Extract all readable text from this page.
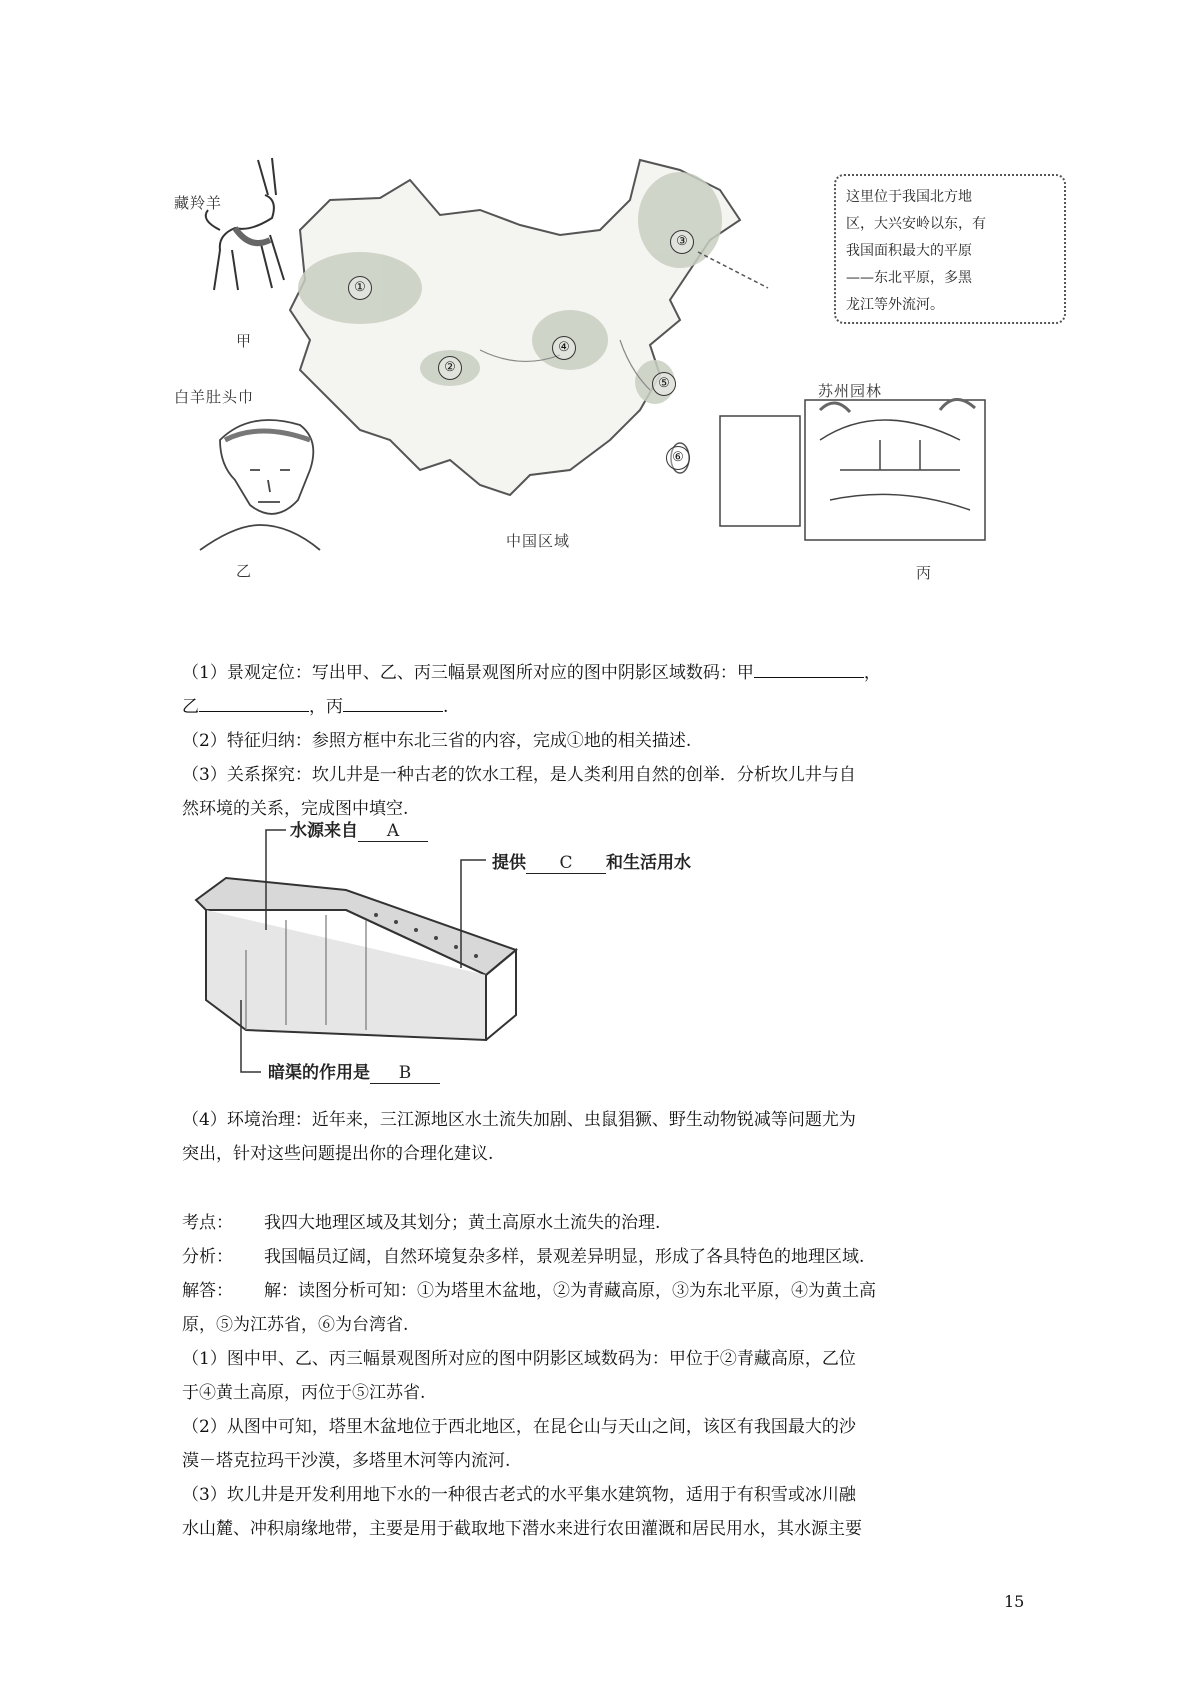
藏羚羊
甲
白羊肚头巾
乙
中国区域
苏州园林
丙
①
②
③
④
⑤
⑥
这里位于我国北方地
区，大兴安岭以东，有
我国面积最大的平原
——东北平原，多黑
龙江等外流河。
（1）景观定位：写出甲、乙、丙三幅景观图所对应的图中阴影区域数码：甲	，
乙	，丙	.
（2）特征归纳：参照方框中东北三省的内容，完成①地的相关描述.
（3）关系探究：坎儿井是一种古老的饮水工程，是人类利用自然的创举．分析坎儿井与自
然环境的关系，完成图中填空.
水源来自 A
提供 C 和生活用水
暗渠的作用是 B
（4）环境治理：近年来，三江源地区水土流失加剧、虫鼠猖獗、野生动物锐减等问题尤为
突出，针对这些问题提出你的合理化建议.
考点：	我四大地理区域及其划分；黄土高原水土流失的治理.
分析：	我国幅员辽阔，自然环境复杂多样，景观差异明显，形成了各具特色的地理区域.
解答：	解：读图分析可知：①为塔里木盆地，②为青藏高原，③为东北平原，④为黄土高
原，⑤为江苏省，⑥为台湾省.
（1）图中甲、乙、丙三幅景观图所对应的图中阴影区域数码为：甲位于②青藏高原，乙位
于④黄土高原，丙位于⑤江苏省.
（2）从图中可知，塔里木盆地位于西北地区，在昆仑山与天山之间，该区有我国最大的沙
漠－塔克拉玛干沙漠，多塔里木河等内流河.
（3）坎儿井是开发利用地下水的一种很古老式的水平集水建筑物，适用于有积雪或冰川融
水山麓、冲积扇缘地带，主要是用于截取地下潜水来进行农田灌溉和居民用水，其水源主要
15
